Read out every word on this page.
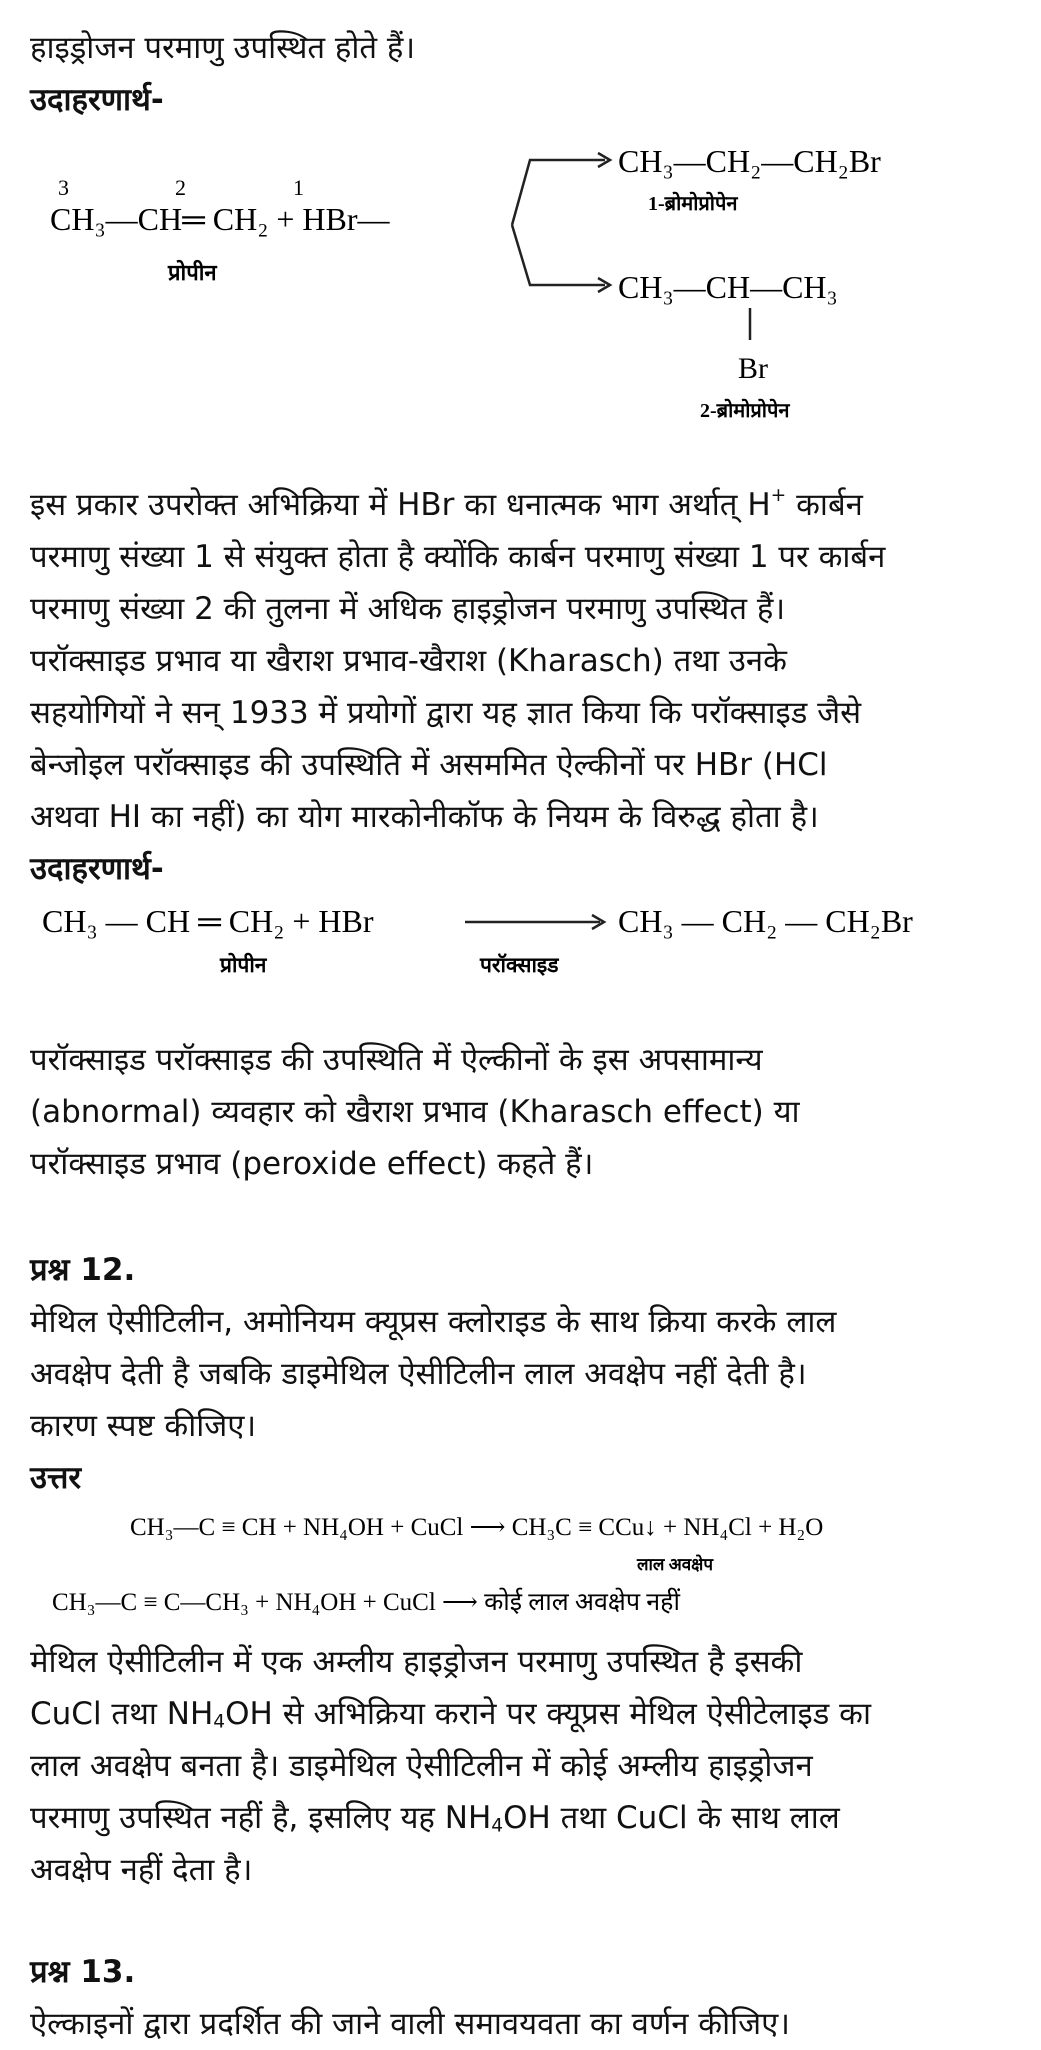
हाइड्रोजन परमाणु उपस्थित होते हैं।
उदाहरणार्थ-
3	2	1
CH₃—CH═ CH₂ + HBr—
प्रोपीन
CH₃—CH₂—CH₂Br
1-ब्रोमोप्रोपेन
CH₃—CH—CH₃
Br
2-ब्रोमोप्रोपेन
इस प्रकार उपरोक्त अभिक्रिया में HBr का धनात्मक भाग अर्थात् H+ कार्बन
परमाणु संख्या 1 से संयुक्त होता है क्योंकि कार्बन परमाणु संख्या 1 पर कार्बन
परमाणु संख्या 2 की तुलना में अधिक हाइड्रोजन परमाणु उपस्थित हैं।
परॉक्साइड प्रभाव या खैराश प्रभाव-खैराश (Kharasch) तथा उनके
सहयोगियों ने सन् 1933 में प्रयोगों द्वारा यह ज्ञात किया कि परॉक्साइड जैसे
बेन्जोइल परॉक्साइड की उपस्थिति में असममित ऐल्कीनों पर HBr (HCl
अथवा HI का नहीं) का योग मारकोनीकॉफ के नियम के विरुद्ध होता है।
उदाहरणार्थ-
CH₃ — CH ═ CH₂ + HBr
प्रोपीन	परॉक्साइड
CH₃ — CH₂ — CH₂Br
परॉक्साइड परॉक्साइड की उपस्थिति में ऐल्कीनों के इस अपसामान्य
(abnormal) व्यवहार को खैराश प्रभाव (Kharasch effect) या
परॉक्साइड प्रभाव (peroxide effect) कहते हैं।
प्रश्न 12.
मेथिल ऐसीटिलीन, अमोनियम क्यूप्रस क्लोराइड के साथ क्रिया करके लाल
अवक्षेप देती है जबकि डाइमेथिल ऐसीटिलीन लाल अवक्षेप नहीं देती है।
कारण स्पष्ट कीजिए।
उत्तर
CH₃—C ≡ CH + NH₄OH + CuCl ⟶ CH₃C ≡ CCu↓ + NH₄Cl + H₂O
लाल अवक्षेप
CH₃—C ≡ C—CH₃ + NH₄OH + CuCl ⟶ कोई लाल अवक्षेप नहीं
मेथिल ऐसीटिलीन में एक अम्लीय हाइड्रोजन परमाणु उपस्थित है इसकी
CuCl तथा $NH_4OH$ से अभिक्रिया कराने पर क्यूप्रस मेथिल ऐसीटेलाइड का
लाल अवक्षेप बनता है। डाइमेथिल ऐसीटिलीन में कोई अम्लीय हाइड्रोजन
परमाणु उपस्थित नहीं है, इसलिए यह $NH_4OH$ तथा CuCl के साथ लाल
अवक्षेप नहीं देता है।
प्रश्न 13.
ऐल्काइनों द्वारा प्रदर्शित की जाने वाली समावयवता का वर्णन कीजिए।
